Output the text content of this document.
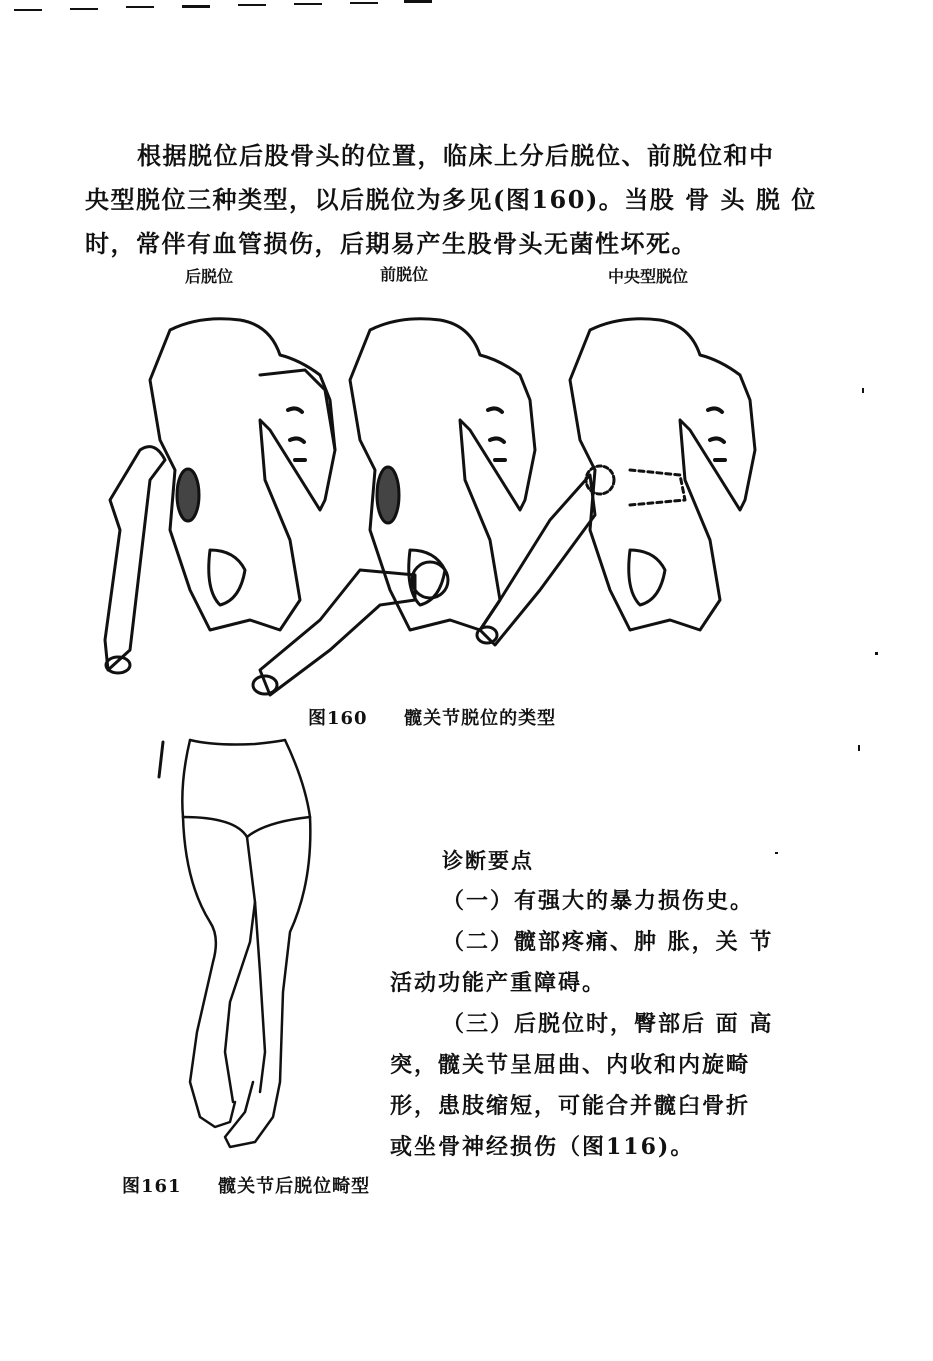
根据脱位后股骨头的位置，临床上分后脱位、前脱位和中
央型脱位三种类型，以后脱位为多见(图160)。当股 骨 头 脱 位
时，常伴有血管损伤，后期易产生股骨头无菌性坏死。
后脱位	前脱位	中央型脱位
图160 髋关节脱位的类型
诊断要点
（一）有强大的暴力损伤史。
（二）髋部疼痛、肿 胀，关 节
活动功能产重障碍。
（三）后脱位时，臀部后 面 高
突，髋关节呈屈曲、内收和内旋畸
形，患肢缩短，可能合并髋臼骨折
或坐骨神经损伤（图116)。
图161 髋关节后脱位畸型
